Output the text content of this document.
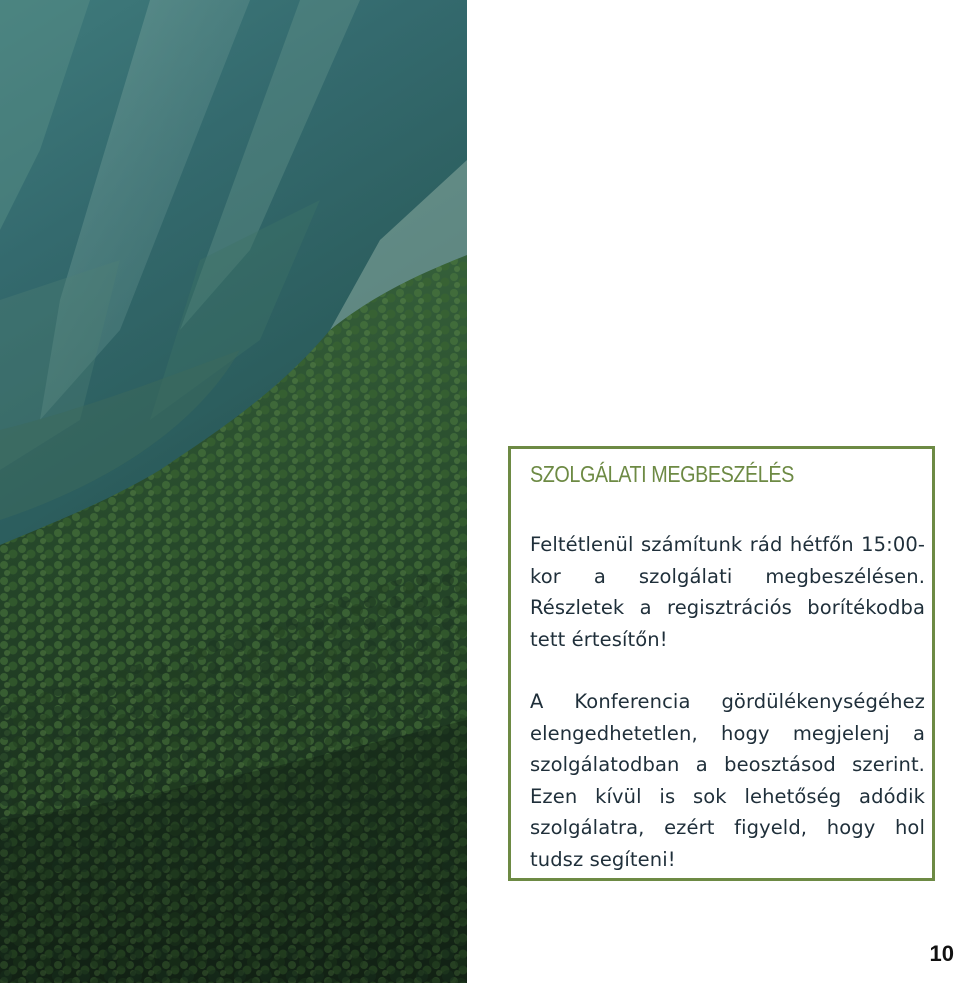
SZOLGÁLATI MEGBESZÉLÉS
Feltétlenül számítunk rád hétfőn 15:00-kor a szolgálati megbeszélésen. Részletek a regisztrációs borítékodba tett értesítőn!
A Konferencia gördülékenységéhez elengedhetetlen, hogy megjelenj a szolgálatodban a beosztásod szerint. Ezen kívül is sok lehetőség adódik szolgálatra, ezért figyeld, hogy hol tudsz segíteni!
10
